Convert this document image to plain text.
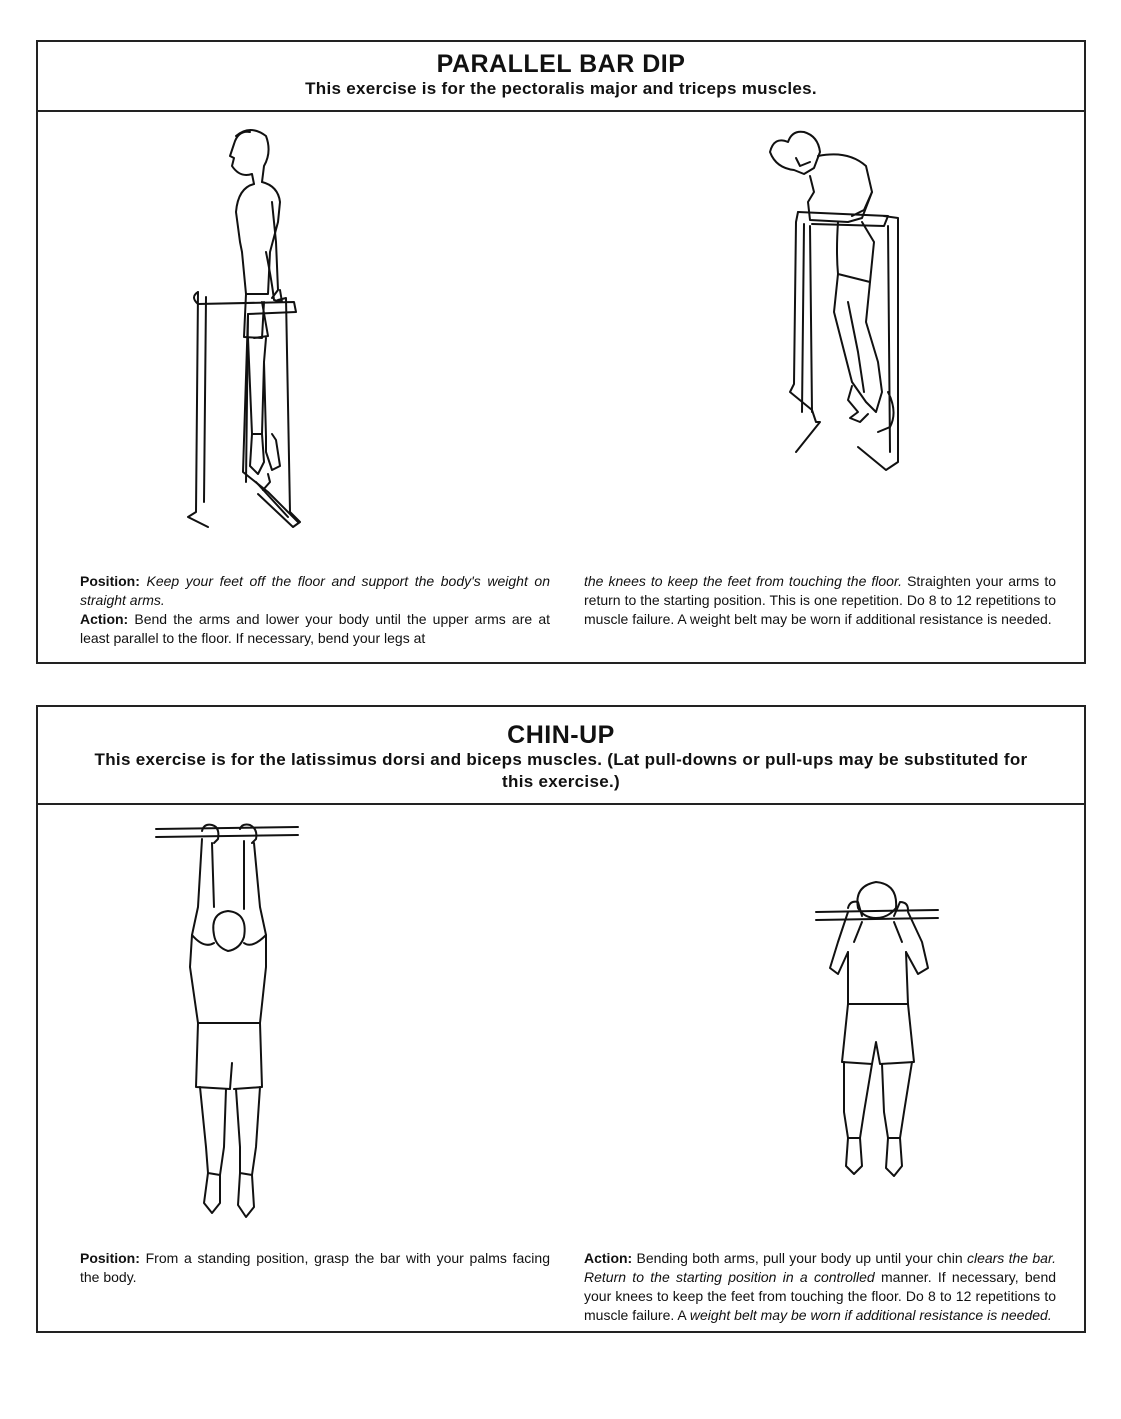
PARALLEL BAR DIP
This exercise is for the pectoralis major and triceps muscles.
Position: Keep your feet off the floor and support the body's weight on straight arms.
Action: Bend the arms and lower your body until the upper arms are at least parallel to the floor. If necessary, bend your legs at
the knees to keep the feet from touching the floor. Straighten your arms to return to the starting position. This is one repetition. Do 8 to 12 repetitions to muscle failure. A weight belt may be worn if additional resistance is needed.
CHIN-UP
This exercise is for the latissimus dorsi and biceps muscles. (Lat pull-downs or pull-ups may be substituted for this exercise.)
Position: From a standing position, grasp the bar with your palms facing the body.
Action: Bending both arms, pull your body up until your chin clears the bar. Return to the starting position in a controlled manner. If necessary, bend your knees to keep the feet from touching the floor. Do 8 to 12 repetitions to muscle failure. A weight belt may be worn if additional resistance is needed.
